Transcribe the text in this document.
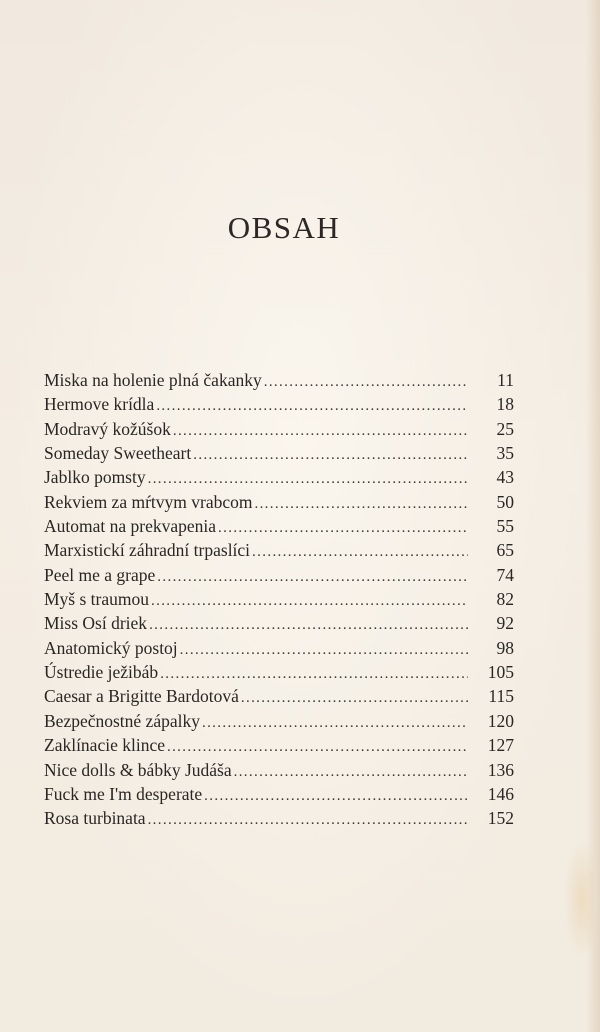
OBSAH
Miska na holenie plná čakanky . . .	11
Hermove krídla . . .	18
Modravý kožúšok . . .	25
Someday Sweetheart . . .	35
Jablko pomsty . . .	43
Rekviem za mŕtvym vrabcom . . .	50
Automat na prekvapenia . . .	55
Marxistickí záhradní trpaslíci . . .	65
Peel me a grape . . .	74
Myš s traumou . . .	82
Miss Osí driek . . .	92
Anatomický postoj . . .	98
Ústredie ježibáb . . .	105
Caesar a Brigitte Bardotová . . .	115
Bezpečnostné zápalky . . .	120
Zaklínacie klince . . .	127
Nice dolls & bábky Judáša . . .	136
Fuck me I'm desperate . . .	146
Rosa turbinata . . .	152
